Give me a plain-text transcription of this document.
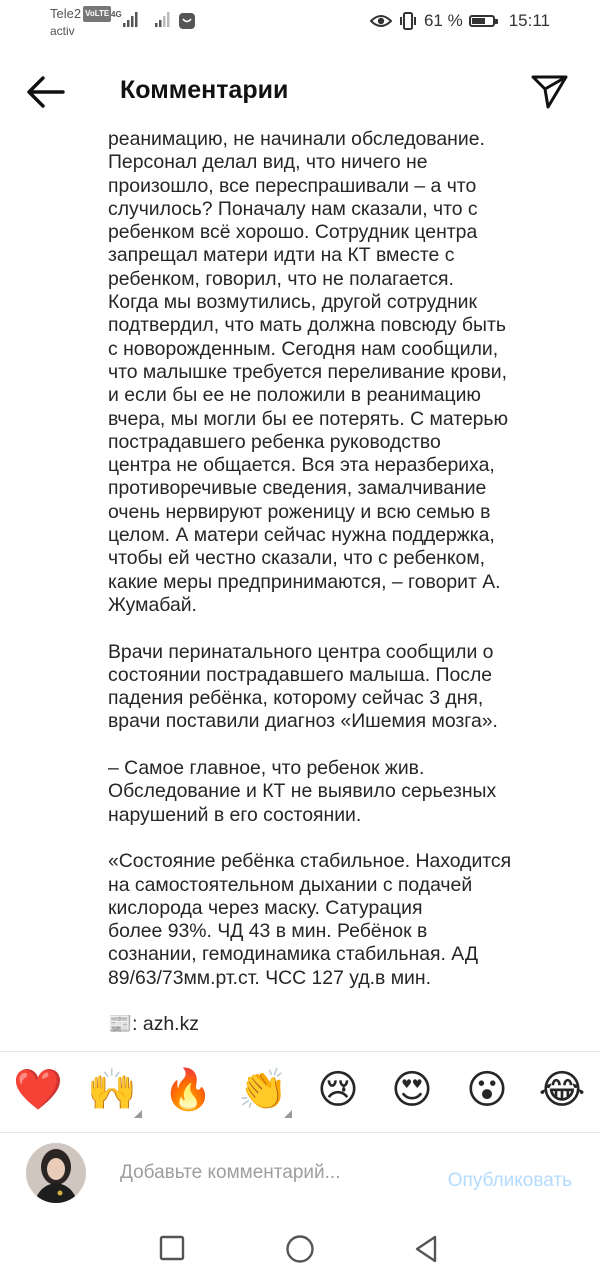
Tele2 VoLTE
activ
4G	61 %	15:11
Комментарии

реанимацию, не начинали обследование.
Персонал делал вид, что ничего не
произошло, все переспрашивали – а что
случилось? Поначалу нам сказали, что с
ребенком всё хорошо. Сотрудник центра
запрещал матери идти на КТ вместе с
ребенком, говорил, что не полагается.
Когда мы возмутились, другой сотрудник
подтвердил, что мать должна повсюду быть
с новорожденным. Сегодня нам сообщили,
что малышке требуется переливание крови,
и если бы ее не положили в реанимацию
вчера, мы могли бы ее потерять. С матерью
пострадавшего ребенка руководство
центра не общается. Вся эта неразбериха,
противоречивые сведения, замалчивание
очень нервируют роженицу и всю семью в
целом. А матери сейчас нужна поддержка,
чтобы ей честно сказали, что с ребенком,
какие меры предпринимаются, – говорит А.
Жумабай.

Врачи перинатального центра сообщили о
состоянии пострадавшего малыша. После
падения ребёнка, которому сейчас 3 дня,
врачи поставили диагноз «Ишемия мозга».

– Самое главное, что ребенок жив.
Обследование и КТ не выявило серьезных
нарушений в его состоянии.

«Состояние ребёнка стабильное. Находится
на самостоятельном дыхании с подачей
кислорода через маску. Сатурация
более 93%. ЧД 43 в мин. Ребёнок в
сознании, гемодинамика стабильная. АД
89/63/73мм.рт.ст. ЧСС 127 уд.в мин.

📰: azh.kz

❤️ 🙌 🔥 👏 😢 😍 😮 😂
Добавьте комментарий...
Опубликовать
